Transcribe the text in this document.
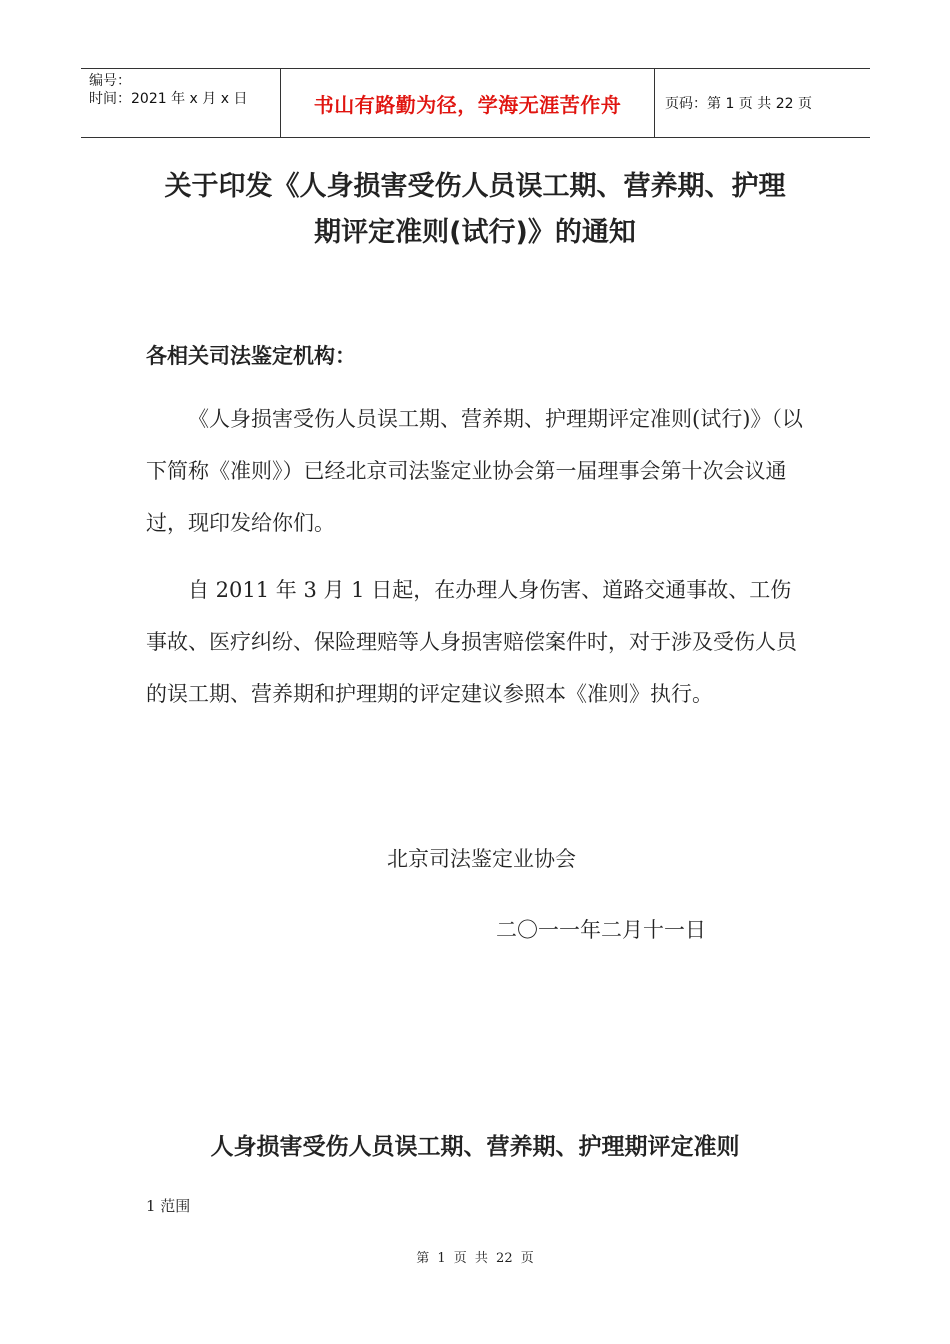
编号：
时间：2021 年 x 月 x 日	书山有路勤为径，学海无涯苦作舟	页码：第 1 页 共 22 页
关于印发《人身损害受伤人员误工期、营养期、护理
期评定准则(试行)》的通知
各相关司法鉴定机构：
《人身损害受伤人员误工期、营养期、护理期评定准则(试行)》（以下简称《准则》）已经北京司法鉴定业协会第一届理事会第十次会议通过，现印发给你们。
自 2011 年 3 月 1 日起，在办理人身伤害、道路交通事故、工伤事故、医疗纠纷、保险理赔等人身损害赔偿案件时，对于涉及受伤人员的误工期、营养期和护理期的评定建议参照本《准则》执行。
北京司法鉴定业协会
二〇一一年二月十一日
人身损害受伤人员误工期、营养期、护理期评定准则
1 范围
第 1 页 共 22 页
